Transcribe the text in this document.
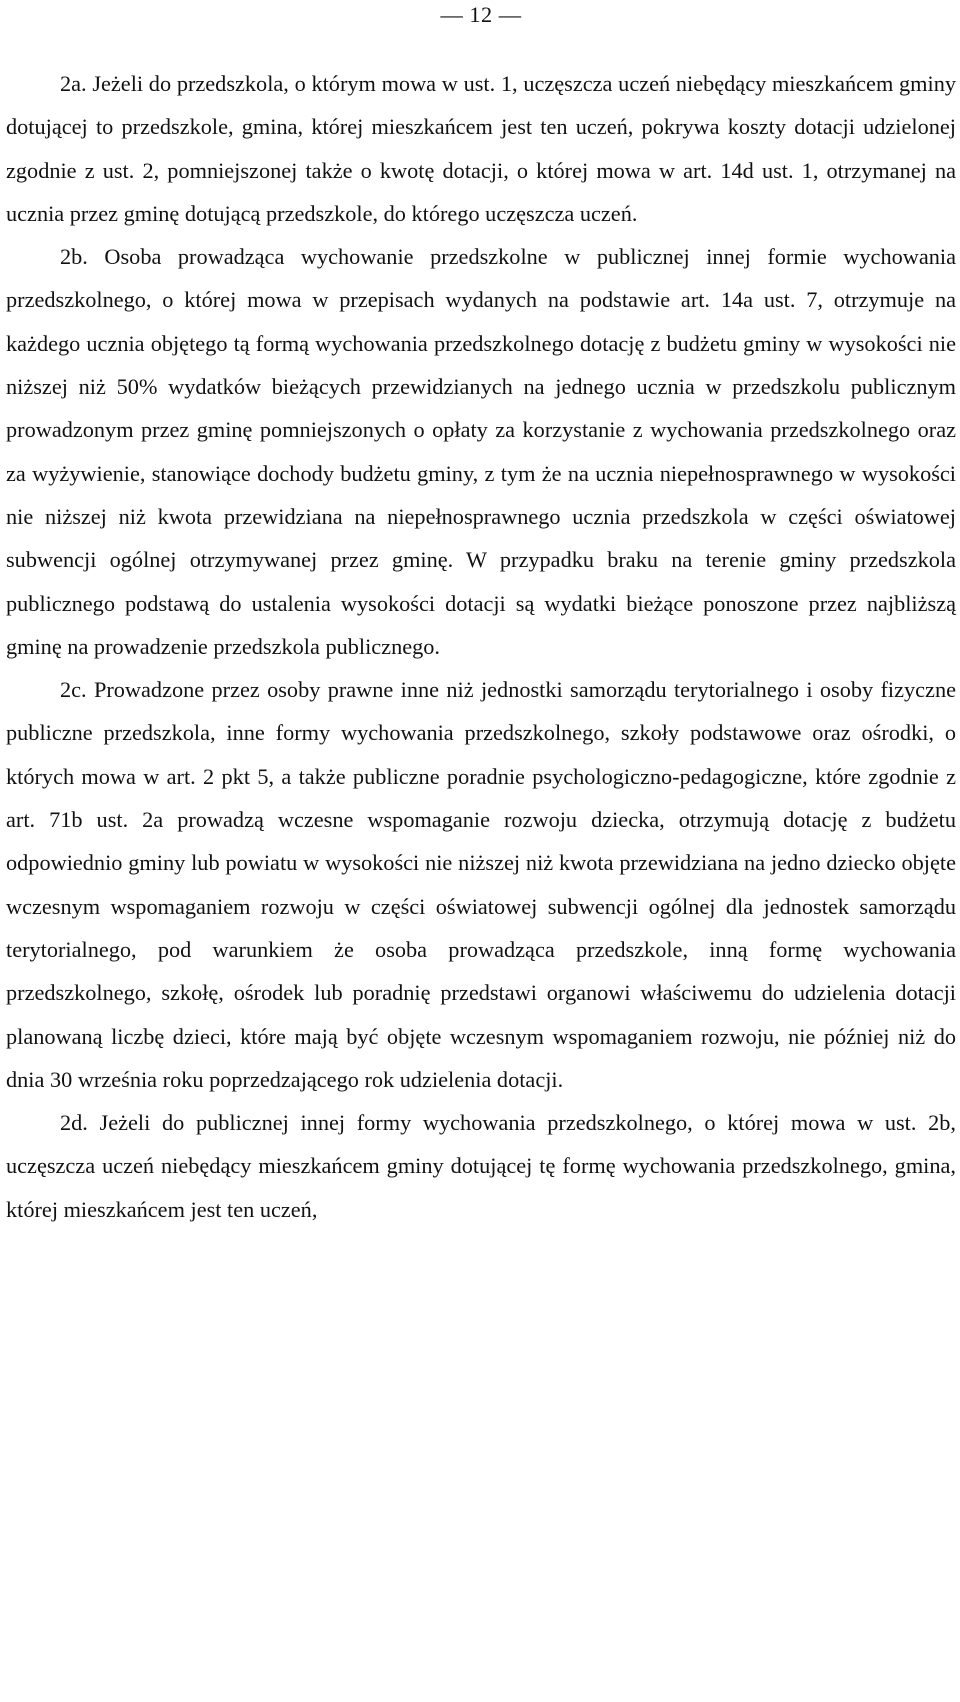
— 12 —

2a. Jeżeli do przedszkola, o którym mowa w ust. 1, uczęszcza uczeń niebędący mieszkańcem gminy dotującej to przedszkole, gmina, której mieszkańcem jest ten uczeń, pokrywa koszty dotacji udzielonej zgodnie z ust. 2, pomniejszonej także o kwotę dotacji, o której mowa w art. 14d ust. 1, otrzymanej na ucznia przez gminę dotującą przedszkole, do którego uczęszcza uczeń.

2b. Osoba prowadząca wychowanie przedszkolne w publicznej innej formie wychowania przedszkolnego, o której mowa w przepisach wydanych na podstawie art. 14a ust. 7, otrzymuje na każdego ucznia objętego tą formą wychowania przedszkolnego dotację z budżetu gminy w wysokości nie niższej niż 50% wydatków bieżących przewidzianych na jednego ucznia w przedszkolu publicznym prowadzonym przez gminę pomniejszonych o opłaty za korzystanie z wychowania przedszkolnego oraz za wyżywienie, stanowiące dochody budżetu gminy, z tym że na ucznia niepełnosprawnego w wysokości nie niższej niż kwota przewidziana na niepełnosprawnego ucznia przedszkola w części oświatowej subwencji ogólnej otrzymywanej przez gminę. W przypadku braku na terenie gminy przedszkola publicznego podstawą do ustalenia wysokości dotacji są wydatki bieżące ponoszone przez najbliższą gminę na prowadzenie przedszkola publicznego.

2c. Prowadzone przez osoby prawne inne niż jednostki samorządu terytorialnego i osoby fizyczne publiczne przedszkola, inne formy wychowania przedszkolnego, szkoły podstawowe oraz ośrodki, o których mowa w art. 2 pkt 5, a także publiczne poradnie psychologiczno-pedagogiczne, które zgodnie z art. 71b ust. 2a prowadzą wczesne wspomaganie rozwoju dziecka, otrzymują dotację z budżetu odpowiednio gminy lub powiatu w wysokości nie niższej niż kwota przewidziana na jedno dziecko objęte wczesnym wspomaganiem rozwoju w części oświatowej subwencji ogólnej dla jednostek samorządu terytorialnego, pod warunkiem że osoba prowadząca przedszkole, inną formę wychowania przedszkolnego, szkołę, ośrodek lub poradnię przedstawi organowi właściwemu do udzielenia dotacji planowaną liczbę dzieci, które mają być objęte wczesnym wspomaganiem rozwoju, nie później niż do dnia 30 września roku poprzedzającego rok udzielenia dotacji.

2d. Jeżeli do publicznej innej formy wychowania przedszkolnego, o której mowa w ust. 2b, uczęszcza uczeń niebędący mieszkańcem gminy dotującej tę formę wychowania przedszkolnego, gmina, której mieszkańcem jest ten uczeń,
